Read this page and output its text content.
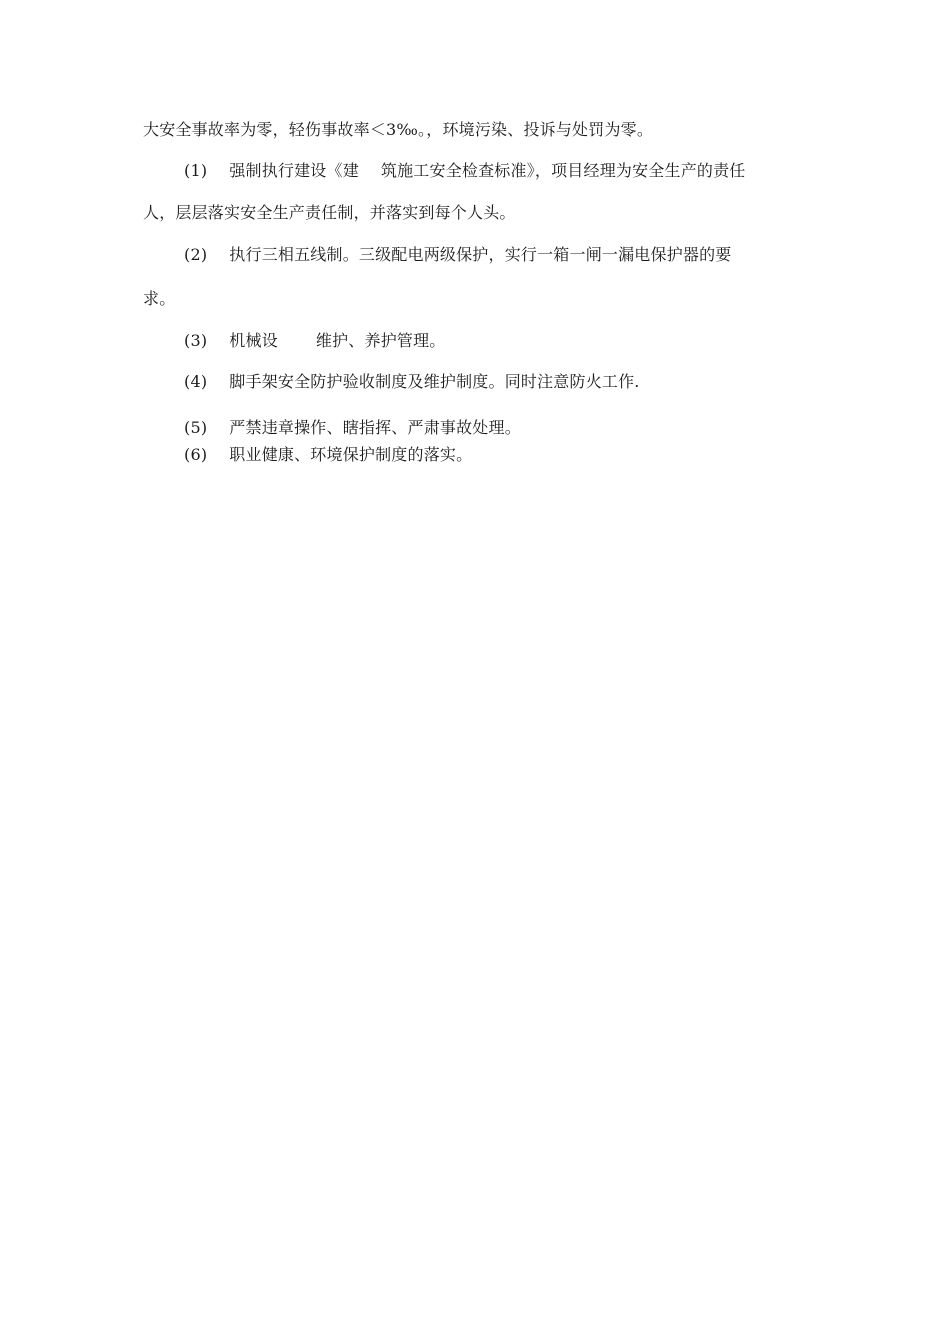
大安全事故率为零，轻伤事故率＜3‰。，环境污染、投诉与处罚为零。
(1) 强制执行建设《建 筑施工安全检查标准》，项目经理为安全生产的责任
人，层层落实安全生产责任制，并落实到每个人头。
(2) 执行三相五线制。三级配电两级保护，实行一箱一闸一漏电保护器的要
求。
(3) 机械设 维护、养护管理。
(4) 脚手架安全防护验收制度及维护制度。同时注意防火工作.
(5) 严禁违章操作、瞎指挥、严肃事故处理。
(6) 职业健康、环境保护制度的落实。
